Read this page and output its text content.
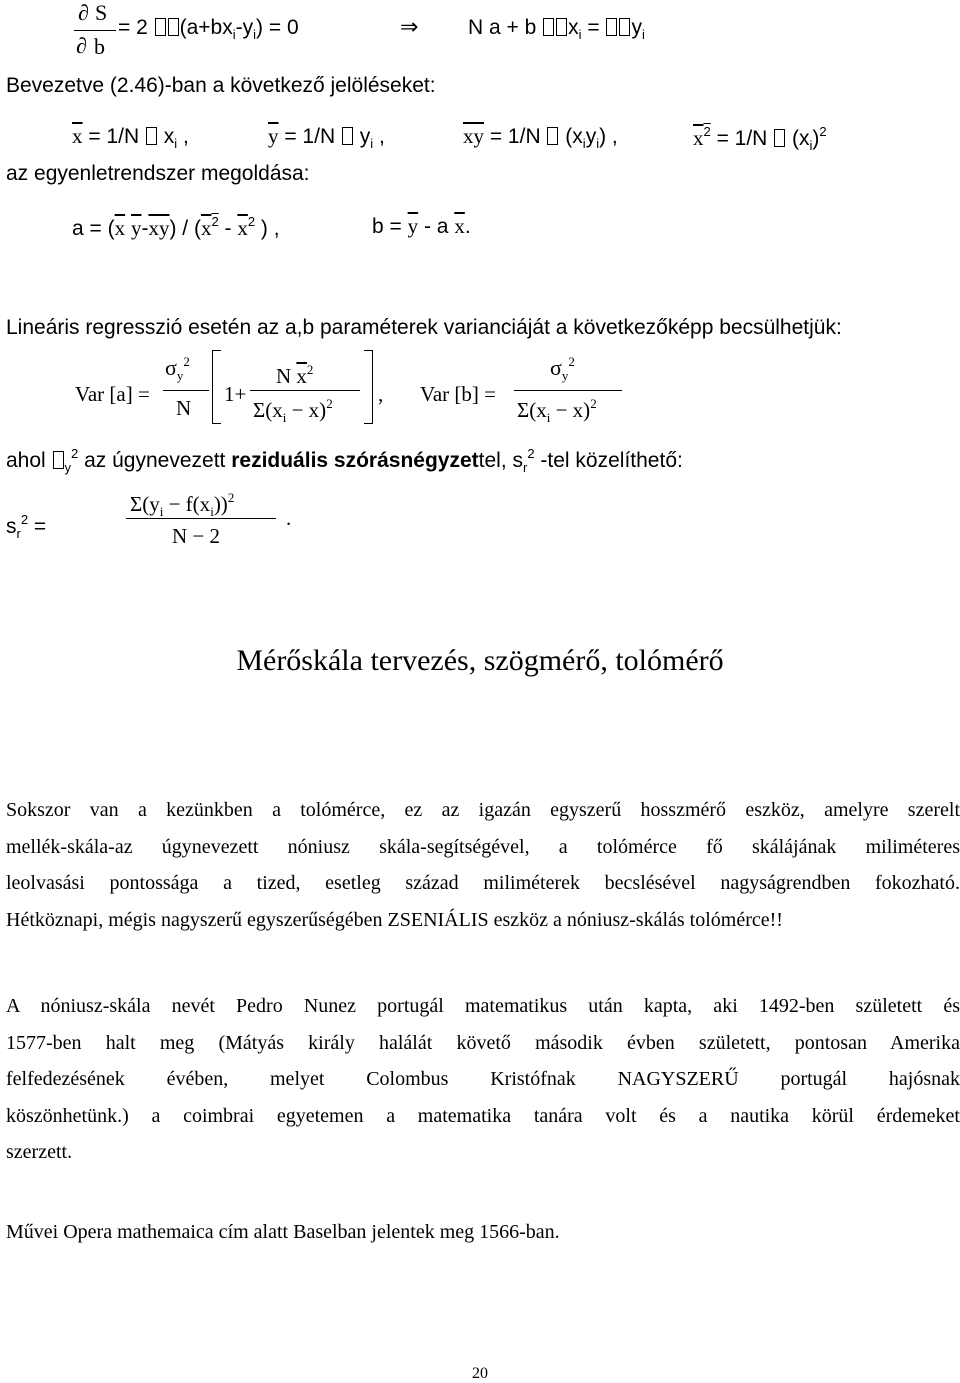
∂ S
∂ b
= 2 $(a+bx_i-y_i) = 0$	⇒ N a + b $x_i = y_i$
Bevezetve (2.46)-ban a következő jelöléseket:
$\overline{x} = 1/N$  $x_i$ ,	$\overline{y} = 1/N$  $y_i$ ,	$\overline{xy} = 1/N$  $(x_iy_i)$ ,	$\overline{x}^2 = 1/N$  $(x_i)^2$
az egyenletrendszer megoldása:
$a = (\overline{x}$ $\overline{y}-\overline{xy}) / (\overline{x}^2 - \overline{x}^2$ ) ,	$b = \overline{y} - a$ $\overline{x}$.
Lineáris regresszió esetén az a,b paraméterek varianciáját a következőképp becsülhetjük:
Var [a] =
$\sigma_y^2$
N
1+
N $\overline{x}^2$
$\Sigma(x_i - x)^2$ , Var [b] =
$\sigma_y^2$
$\Sigma(x_i - x)^2$
ahol $_y^2$ az úgynevezett reziduális szórásnégyzettel, $s_r^2$ -tel közelíthető:
$s_r^2$ =
$\Sigma(y_i - f(x_i))^2$
N − 2
.
Mérőskála tervezés, szögmérő, tolómérő
Sokszor van a kezünkben a tolómérce, ez az igazán egyszerű hosszmérő eszköz, amelyre szerelt
mellék-skála-az úgynevezett nóniusz skála-segítségével, a tolómérce fő skálájának miliméteres
leolvasási pontossága a tized, esetleg század miliméterek becslésével nagyságrendben fokozható.
Hétköznapi, mégis nagyszerű egyszerűségében ZSENIÁLIS eszköz a nóniusz-skálás tolómérce!!
A nóniusz-skála nevét Pedro Nunez portugál matematikus után kapta, aki 1492-ben született és
1577-ben halt meg (Mátyás király halálát követő második évben született, pontosan Amerika
felfedezésének évében, melyet Colombus Kristófnak NAGYSZERŰ portugál hajósnak
köszönhetünk.) a coimbrai egyetemen a matematika tanára volt és a nautika körül érdemeket
szerzett.
Művei Opera mathemaica cím alatt Baselban jelentek meg 1566-ban.
20
